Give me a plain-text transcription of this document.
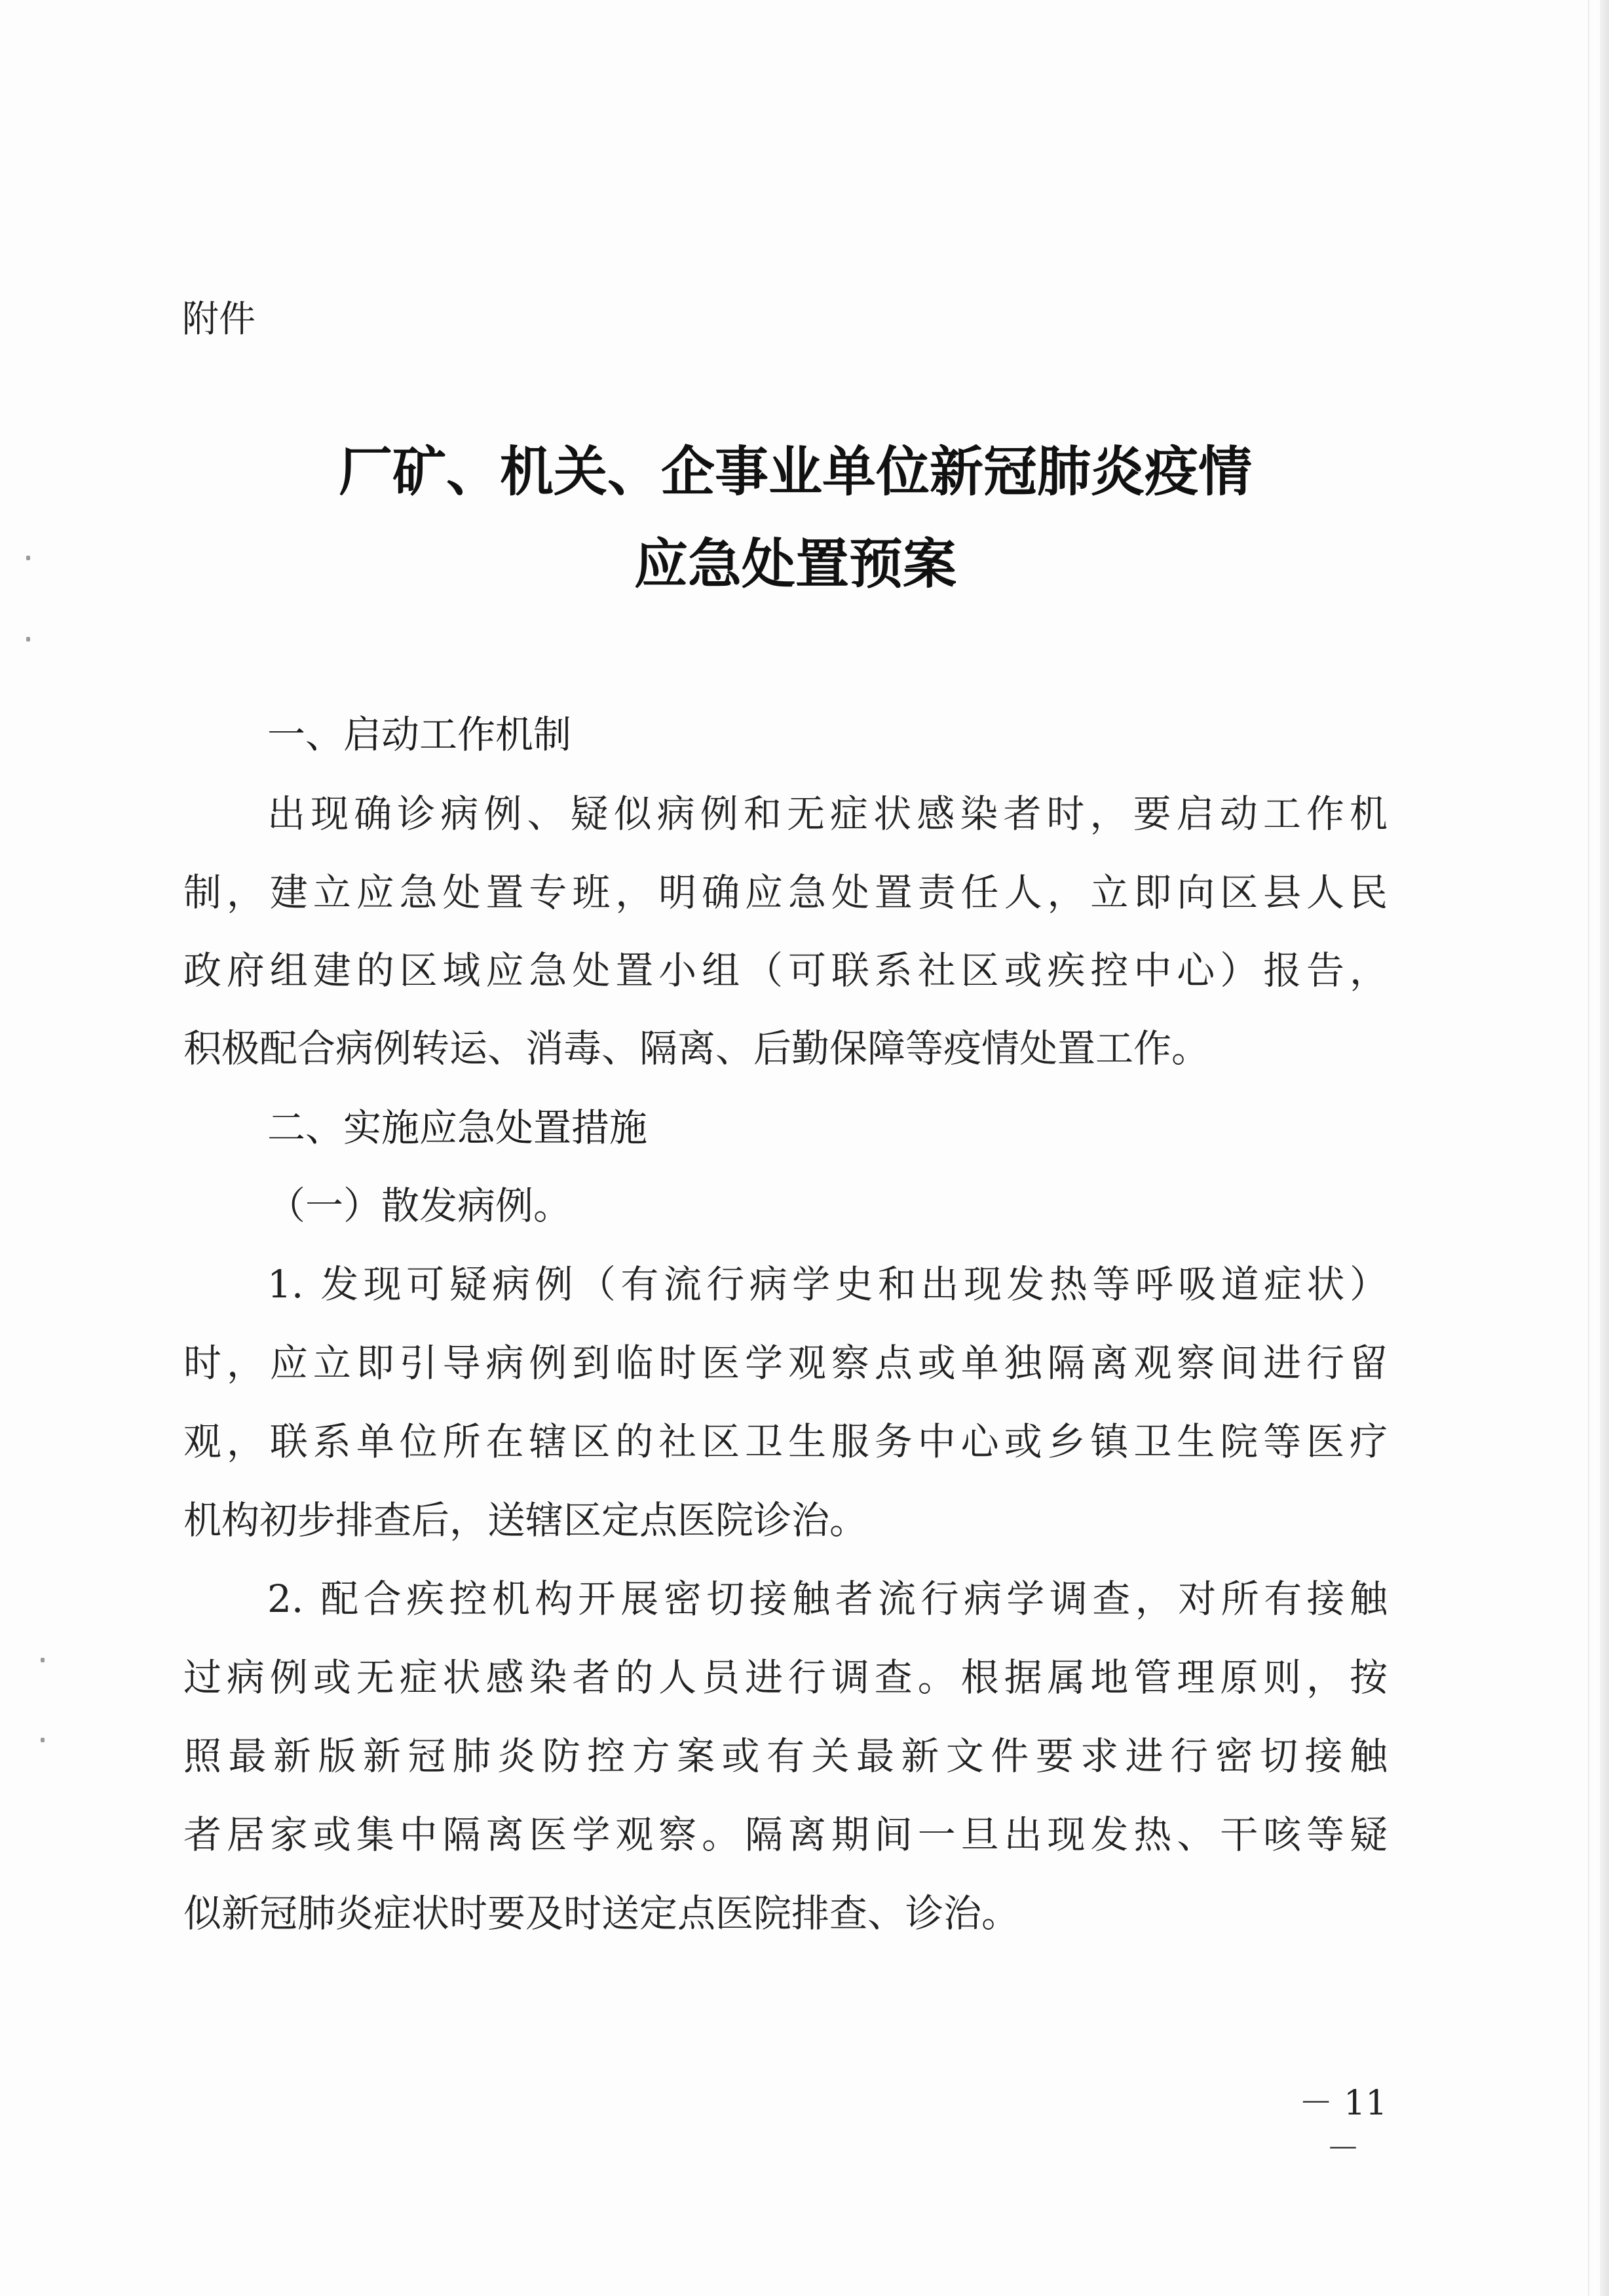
附件
厂矿、机关、企事业单位新冠肺炎疫情
应急处置预案
一、启动工作机制
出现确诊病例、疑似病例和无症状感染者时，要启动工作机
制，建立应急处置专班，明确应急处置责任人，立即向区县人民
政府组建的区域应急处置小组（可联系社区或疾控中心）报告，
积极配合病例转运、消毒、隔离、后勤保障等疫情处置工作。
二、实施应急处置措施
（一）散发病例。
1. 发现可疑病例（有流行病学史和出现发热等呼吸道症状）
时，应立即引导病例到临时医学观察点或单独隔离观察间进行留
观，联系单位所在辖区的社区卫生服务中心或乡镇卫生院等医疗
机构初步排查后，送辖区定点医院诊治。
2. 配合疾控机构开展密切接触者流行病学调查，对所有接触
过病例或无症状感染者的人员进行调查。根据属地管理原则，按
照最新版新冠肺炎防控方案或有关最新文件要求进行密切接触
者居家或集中隔离医学观察。隔离期间一旦出现发热、干咳等疑
似新冠肺炎症状时要及时送定点医院排查、诊治。
－ 11 －
